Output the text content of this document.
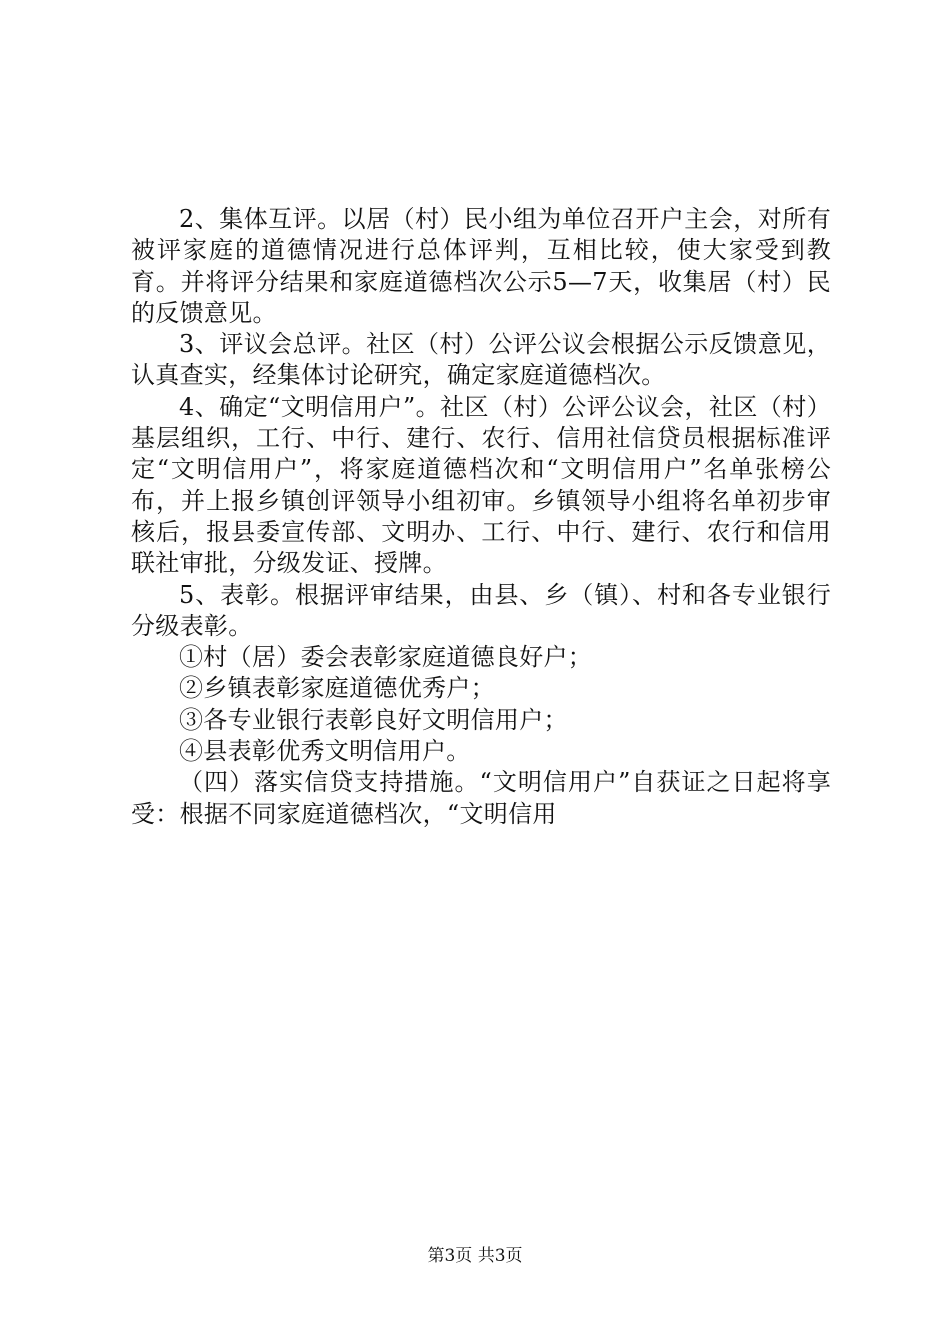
2、集体互评。以居（村）民小组为单位召开户主会，对所有被评家庭的道德情况进行总体评判，互相比较，使大家受到教育。并将评分结果和家庭道德档次公示5—7天，收集居（村）民的反馈意见。

3、评议会总评。社区（村）公评公议会根据公示反馈意见，认真查实，经集体讨论研究，确定家庭道德档次。

4、确定“文明信用户”。社区（村）公评公议会，社区（村）基层组织，工行、中行、建行、农行、信用社信贷员根据标准评定“文明信用户”，将家庭道德档次和“文明信用户”名单张榜公布，并上报乡镇创评领导小组初审。乡镇领导小组将名单初步审核后，报县委宣传部、文明办、工行、中行、建行、农行和信用联社审批，分级发证、授牌。

5、表彰。根据评审结果，由县、乡（镇）、村和各专业银行分级表彰。

①村（居）委会表彰家庭道德良好户；

②乡镇表彰家庭道德优秀户；

③各专业银行表彰良好文明信用户；

④县表彰优秀文明信用户。

（四）落实信贷支持措施。“文明信用户”自获证之日起将享受：根据不同家庭道德档次，“文明信用

第3页 共3页
